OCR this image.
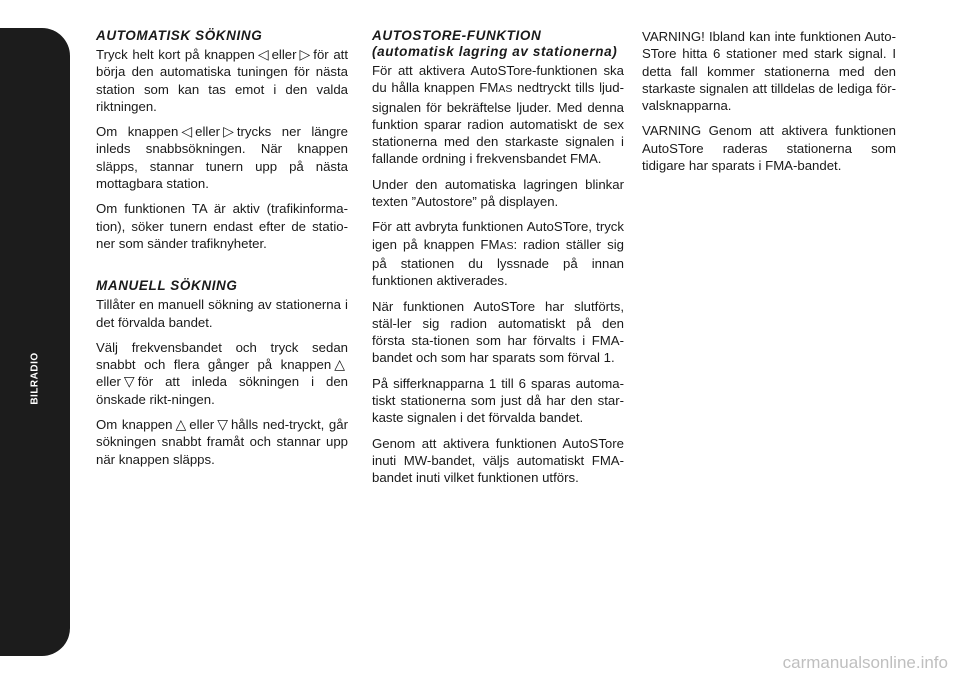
BILRADIO
270
AUTOMATISK SÖKNING

Tryck helt kort på knappen ◁ eller ▷ för att börja den automatiska tuningen för nästa station som kan tas emot i den valda riktningen.

Om knappen ◁ eller ▷ trycks ner längre inleds snabbsökningen. När knappen släpps, stannar tunern upp på nästa mottagbara station.

Om funktionen TA är aktiv (trafikinforma-tion), söker tunern endast efter de statio-ner som sänder trafiknyheter.

MANUELL SÖKNING

Tillåter en manuell sökning av stationerna i det förvalda bandet.

Välj frekvensbandet och tryck sedan snabbt och flera gånger på knappen △eller ▽ för att inleda sökningen i den önskade rikt-ningen.

Om knappen △ eller ▽ hålls ned-tryckt, går sökningen snabbt framåt och stannar upp när knappen släpps.

AUTOSTORE-FUNKTION (automatisk lagring av stationerna)

För att aktivera AutoSTore-funktionen ska du hålla knappen FMAS nedtryckt tills ljud-signalen för bekräftelse ljuder. Med denna funktion sparar radion automatiskt de sex stationerna med den starkaste signalen i fallande ordning i frekvensbandet FMA.

Under den automatiska lagringen blinkar texten ”Autostore” på displayen.

För att avbryta funktionen AutoSTore, tryck igen på knappen FMAS: radion ställer sig på stationen du lyssnade på innan funktionen aktiverades.

När funktionen AutoSTore har slutförts, stäl-ler sig radion automatiskt på den första sta-tionen som har förvalts i FMA-bandet och som har sparats som förval 1.

På sifferknapparna 1 till 6 sparas automa-tiskt stationerna som just då har den star-kaste signalen i det förvalda bandet.

Genom att aktivera funktionen AutoSTore inuti MW-bandet, väljs automatiskt FMA-bandet inuti vilket funktionen utförs.

VARNING! Ibland kan inte funktionen Auto-STore hitta 6 stationer med stark signal. I detta fall kommer stationerna med den starkaste signalen att tilldelas de lediga för-valsknapparna.

VARNING Genom att aktivera funktionen AutoSTore raderas stationerna som tidigare har sparats i FMA-bandet.

carmanualsonline.info
